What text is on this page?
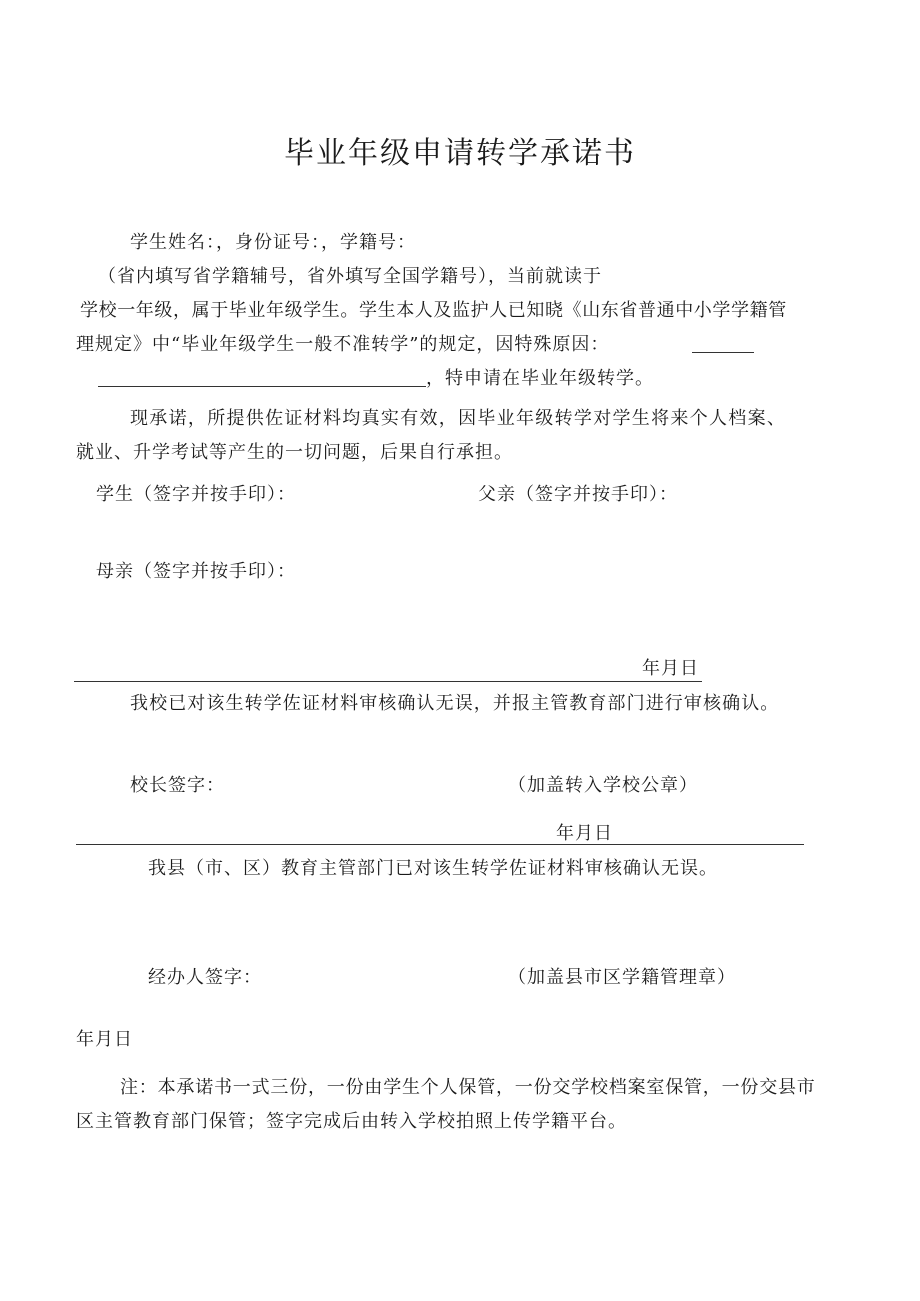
毕业年级申请转学承诺书
学生姓名：，身份证号：，学籍号：
（省内填写省学籍辅号，省外填写全国学籍号），当前就读于
学校一年级，属于毕业年级学生。学生本人及监护人已知晓《山东省普通中小学学籍管
理规定》中“毕业年级学生一般不准转学”的规定，因特殊原因：
，特申请在毕业年级转学。
现承诺，所提供佐证材料均真实有效，因毕业年级转学对学生将来个人档案、
就业、升学考试等产生的一切问题，后果自行承担。
学生（签字并按手印）：	父亲（签字并按手印）：
母亲（签字并按手印）：
年月日
我校已对该生转学佐证材料审核确认无误，并报主管教育部门进行审核确认。
校长签字：	（加盖转入学校公章）
年月日
我县（市、区）教育主管部门已对该生转学佐证材料审核确认无误。
经办人签字：	（加盖县市区学籍管理章）
年月日
注：本承诺书一式三份，一份由学生个人保管，一份交学校档案室保管，一份交县市
区主管教育部门保管；签字完成后由转入学校拍照上传学籍平台。
